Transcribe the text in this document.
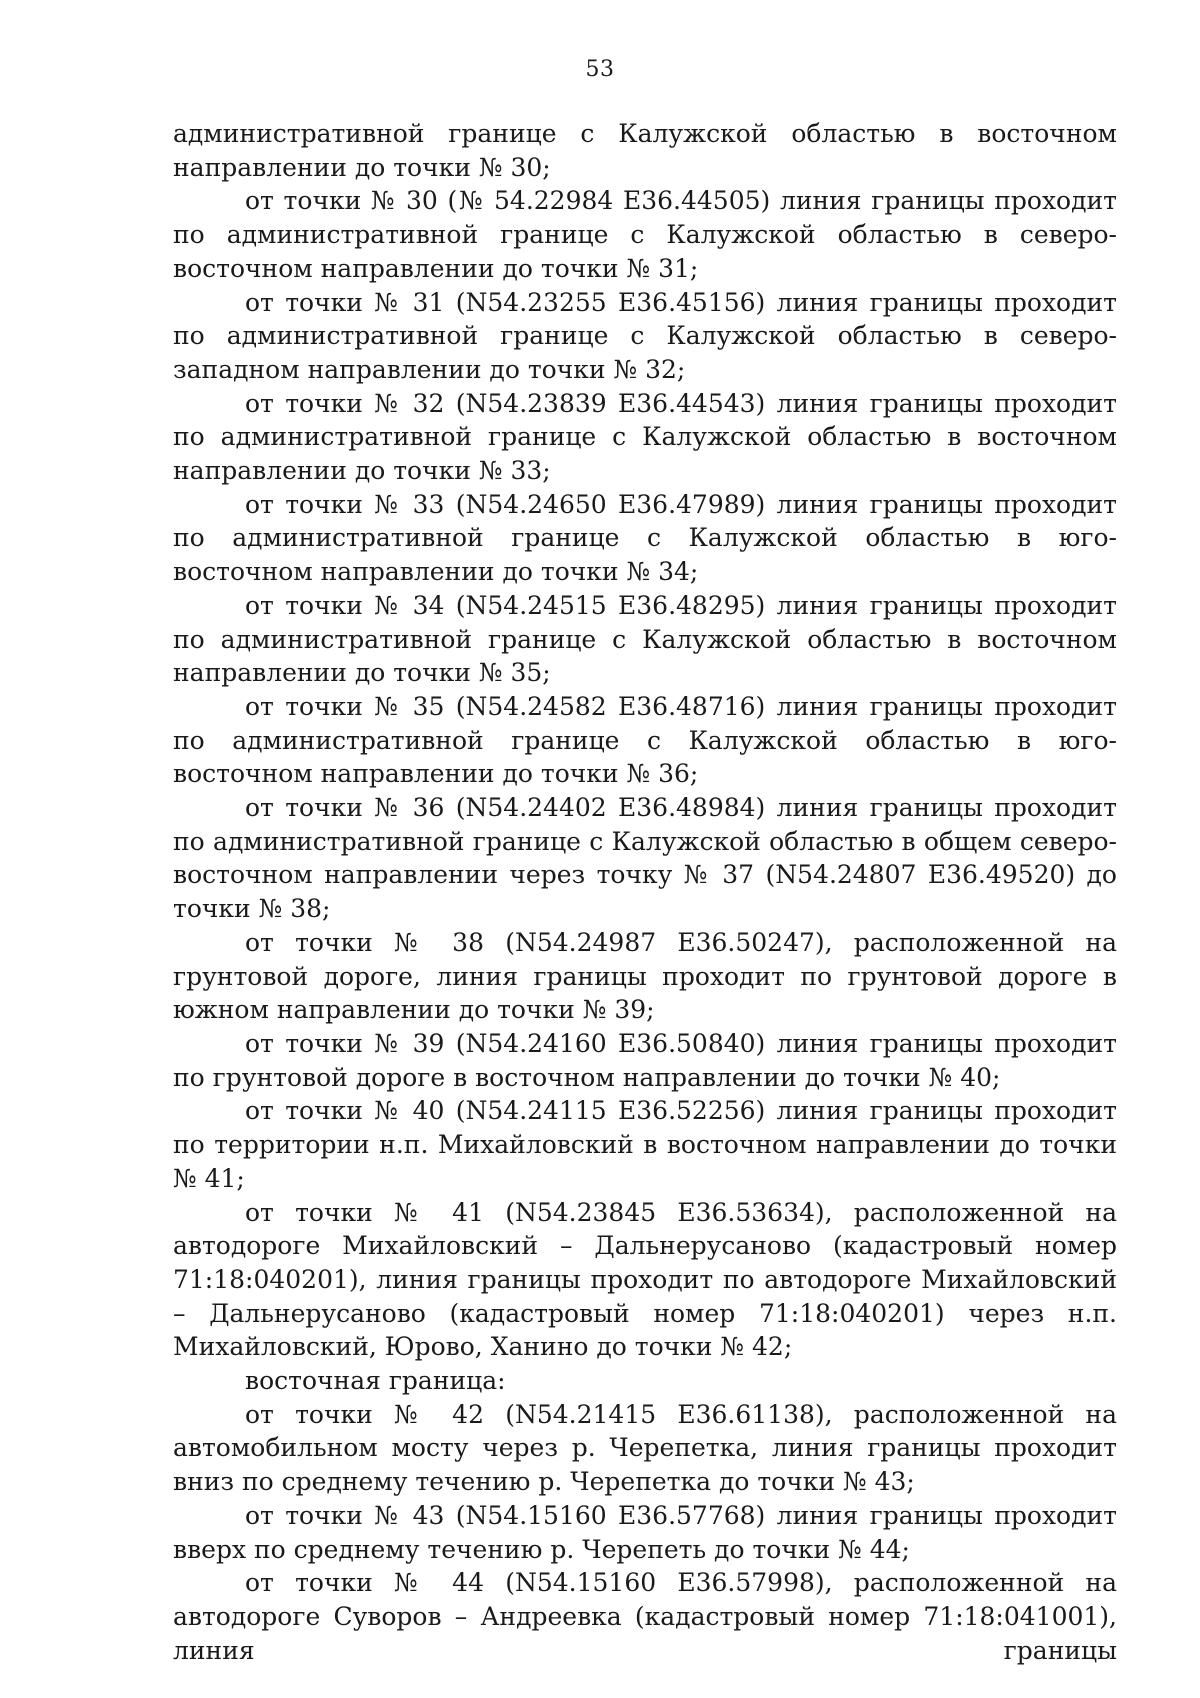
53

административной границе с Калужской областью в восточном направлении до точки № 30;

от точки № 30 (№ 54.22984 Е36.44505) линия границы проходит по административной границе с Калужской областью в северо-восточном направлении до точки № 31;

от точки № 31 (N54.23255 Е36.45156) линия границы проходит по административной границе с Калужской областью в северо-западном направлении до точки № 32;

от точки № 32 (N54.23839 Е36.44543) линия границы проходит по административной границе с Калужской областью в восточном направлении до точки № 33;

от точки № 33 (N54.24650 Е36.47989) линия границы проходит по административной границе с Калужской областью в юго-восточном направлении до точки № 34;

от точки № 34 (N54.24515 Е36.48295) линия границы проходит по административной границе с Калужской областью в восточном направлении до точки № 35;

от точки № 35 (N54.24582 Е36.48716) линия границы проходит по административной границе с Калужской областью в юго-восточном направлении до точки № 36;

от точки № 36 (N54.24402 Е36.48984) линия границы проходит по административной границе с Калужской областью в общем северо-восточном направлении через точку № 37 (N54.24807 Е36.49520) до точки № 38;

от точки № 38 (N54.24987 Е36.50247), расположенной на грунтовой дороге, линия границы проходит по грунтовой дороге в южном направлении до точки № 39;

от точки № 39 (N54.24160 Е36.50840) линия границы проходит по грунтовой дороге в восточном направлении до точки № 40;

от точки № 40 (N54.24115 Е36.52256) линия границы проходит по территории н.п. Михайловский в восточном направлении до точки № 41;

от точки № 41 (N54.23845 Е36.53634), расположенной на автодороге Михайловский – Дальнерусаново (кадастровый номер 71:18:040201), линия границы проходит по автодороге Михайловский – Дальнерусаново (кадастровый номер 71:18:040201) через н.п. Михайловский, Юрово, Ханино до точки № 42;

восточная граница:

от точки № 42 (N54.21415 Е36.61138), расположенной на автомобильном мосту через р. Черепетка, линия границы проходит вниз по среднему течению р. Черепетка до точки № 43;

от точки № 43 (N54.15160 Е36.57768) линия границы проходит вверх по среднему течению р. Черепеть до точки № 44;

от точки № 44 (N54.15160 Е36.57998), расположенной на автодороге Суворов – Андреевка (кадастровый номер 71:18:041001), линия границы
